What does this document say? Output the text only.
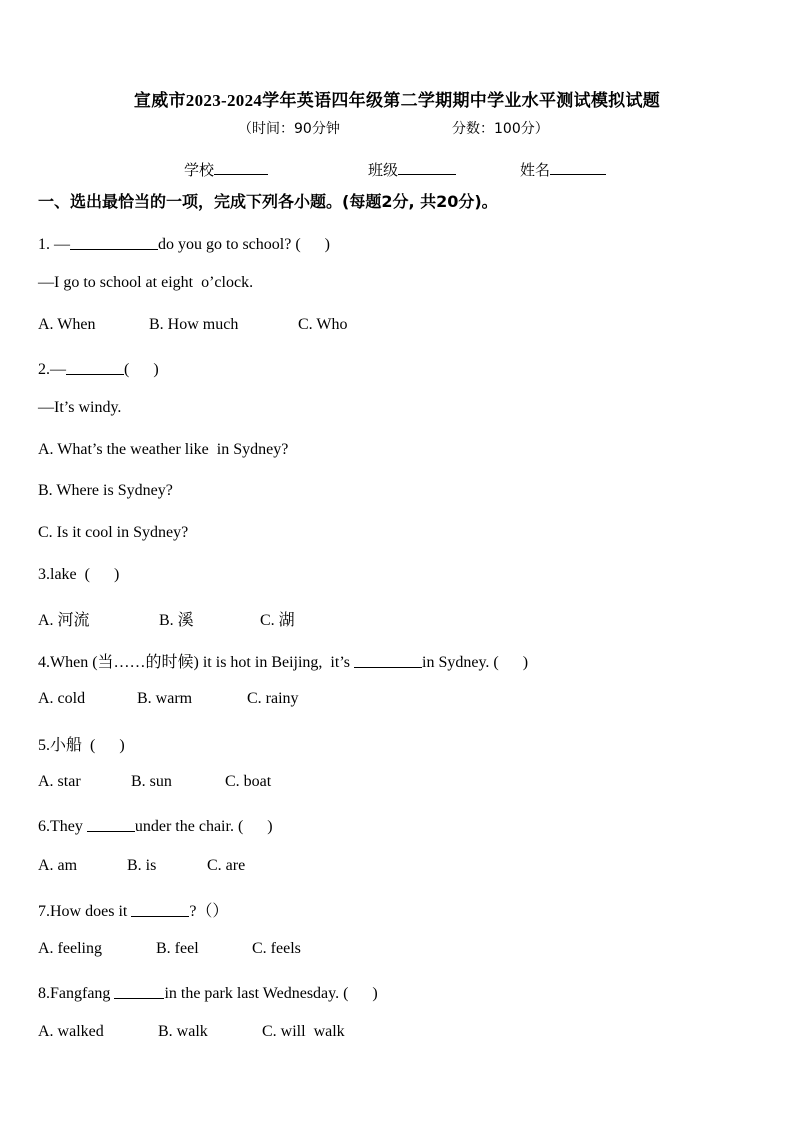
宣威市2023-2024学年英语四年级第二学期期中学业水平测试模拟试题
（时间：90分钟	分数：100分）
学校	班级	姓名
一、选出最恰当的一项，完成下列各小题。(每题2分, 共20分)。
1. —	do you go to school? (      )
—I go to school at eight  o’clock.
A. When	B. How much	C. Who
2.—	(      )
—It’s windy.
A. What’s the weather like  in Sydney?
B. Where is Sydney?
C. Is it cool in Sydney?
3.lake  (      )
A. 河流	B. 溪	C. 湖
4.When (当……的时候) it is hot in Beijing,  it’s	in Sydney. (      )
A. cold	B. warm	C. rainy
5.小船  (      )
A. star	B. sun	C. boat
6.They	under the chair. (      )
A. am	B. is	C. are
7.How does it	?（）
A. feeling	B. feel	C. feels
8.Fangfang	in the park last Wednesday. (      )
A. walked	B. walk	C. will  walk
